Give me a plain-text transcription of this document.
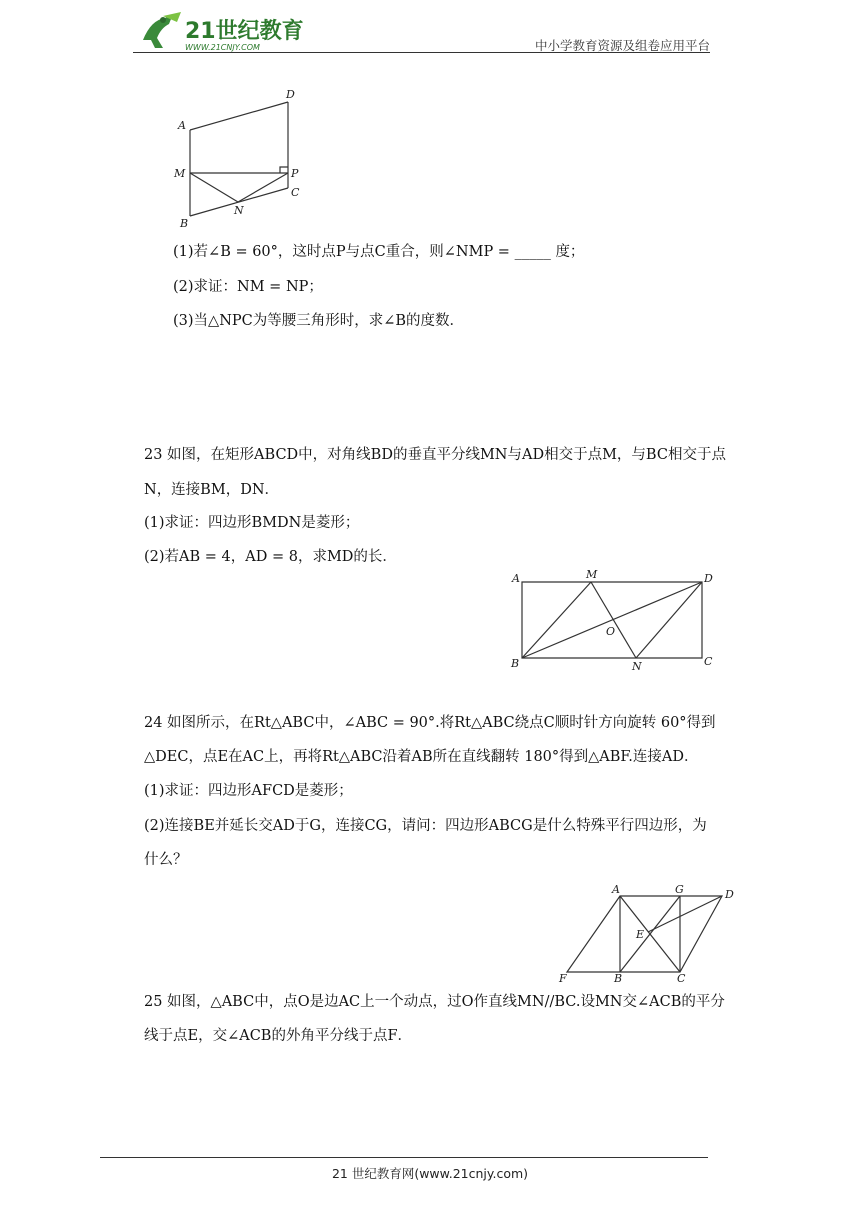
21世纪教育
WWW.21CNJY.COM	中小学教育资源及组卷应用平台
A
D
M	P
C
B
N
(1)若∠B = 60°，这时点P与点C重合，则∠NMP = _____ 度；
(2)求证：NM = NP；
(3)当△NPC为等腰三角形时，求∠B的度数．
23 如图，在矩形ABCD中，对角线BD的垂直平分线MN与AD相交于点M，与BC相交于点
N，连接BM，DN．
(1)求证：四边形BMDN是菱形；
(2)若AB = 4，AD = 8，求MD的长．
A	M	D
O
B	N	C
24 如图所示，在Rt△ABC中，∠ABC = 90°.将Rt△ABC绕点C顺时针方向旋转 60°得到
△DEC，点E在AC上，再将Rt△ABC沿着AB所在直线翻转 180°得到△ABF.连接AD．
(1)求证：四边形AFCD是菱形；
(2)连接BE并延长交AD于G，连接CG，请问：四边形ABCG是什么特殊平行四边形，为
什么？
A	G	D
E
F	B	C
25 如图，△ABC中，点O是边AC上一个动点，过O作直线MN//BC.设MN交∠ACB的平分
线于点E，交∠ACB的外角平分线于点F．
21 世纪教育网(www.21cnjy.com)
